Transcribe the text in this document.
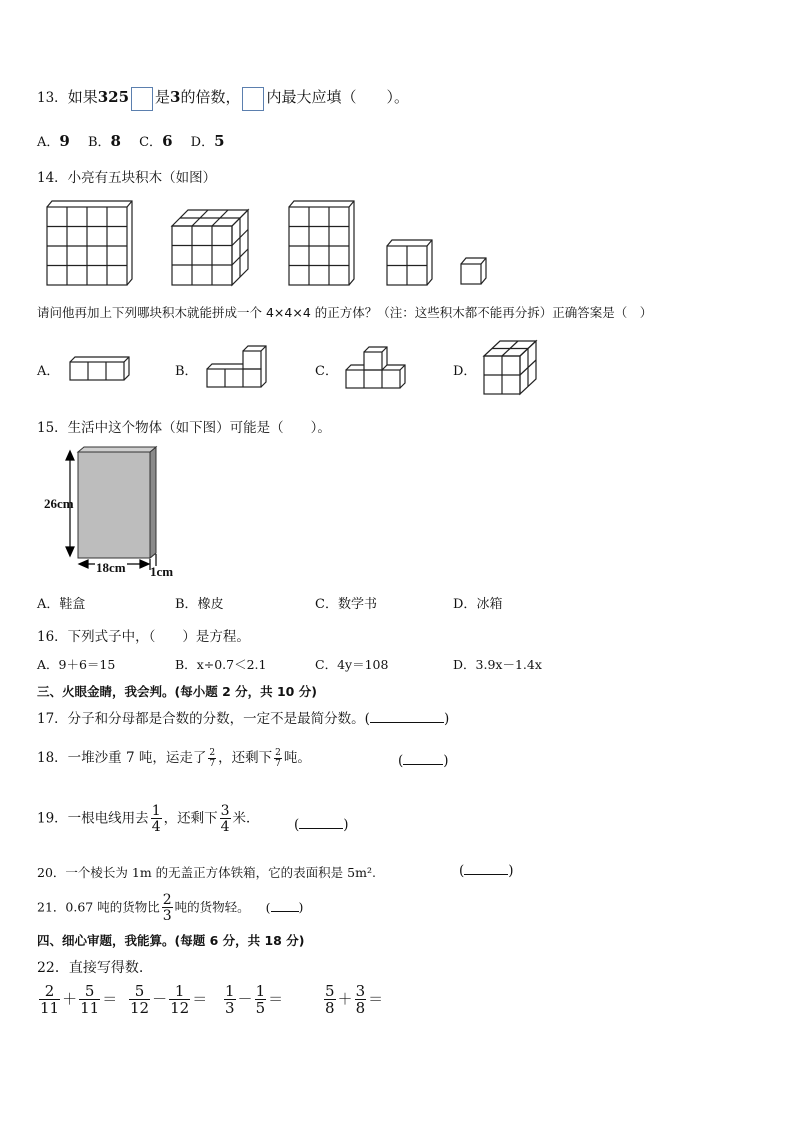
13．如果325 是3的倍数， 内最大应填（　　）。
A．9 B．8 C．6 D．5
14．小亮有五块积木（如图）
请问他再加上下列哪块积木就能拼成一个 4×4×4 的正方体？（注：这些积木都不能再分拆）正确答案是（　）
A．	B．	C．	D．
15．生活中这个物体（如下图）可能是（　　）。
26cm
18cm 1cm
A．鞋盒	B．橡皮	C．数学书	D．冰箱
16．下列式子中，（　　）是方程。
A．9＋6＝15	B．x÷0.7＜2.1	C．4y＝108	D．3.9x－1.4x
三、火眼金睛，我会判。(每小题 2 分，共 10 分)
17．分子和分母都是合数的分数，一定不是最简分数。(	)
18．一堆沙重 7 吨，运走了 $\frac{2}{7}$ ，还剩下 $\frac{2}{7}$ 吨。	(	)
19．一根电线用去 $\frac{1}{4}$ ，还剩下 $\frac{3}{4}$ 米．	(	)
20．一个棱长为 1m 的无盖正方体铁箱，它的表面积是 5m².	(	)
21．0.67 吨的货物比 $\frac{2}{3}$ 吨的货物轻。 ( )
四、细心审题，我能算。(每题 6 分，共 18 分)
22．直接写得数.
$\frac{2}{11} + \frac{5}{11} = \frac{5}{12} - \frac{1}{12} = \frac{1}{3} - \frac{1}{5}$ ＝	$\frac{5}{8} + \frac{3}{8}$ ＝
